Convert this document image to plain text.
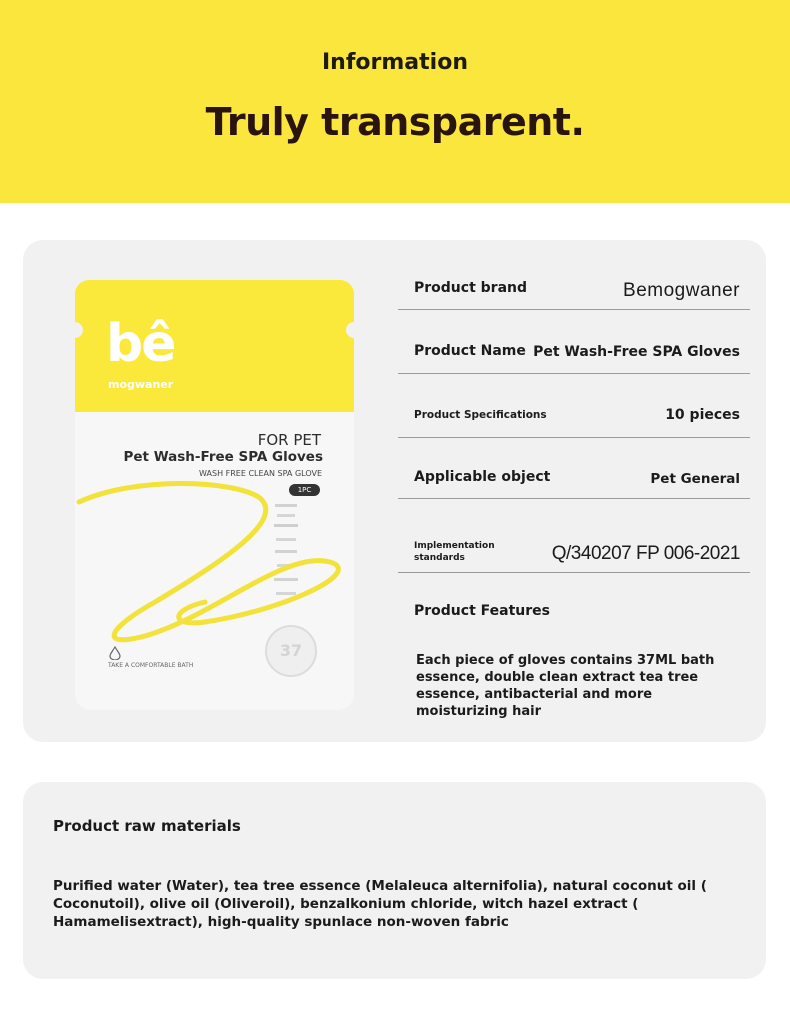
Information
Truly transparent.
bê
mogwaner
FOR PET
Pet Wash-Free SPA Gloves
WASH FREE CLEAN SPA GLOVE
1PC
TAKE A COMFORTABLE BATH
37
Product brand	Bemogwaner
Product Name Pet Wash-Free SPA Gloves
Product Specifications	10 pieces
Applicable object	Pet General
Implementation standards	Q/340207 FP 006-2021
Product Features
Each piece of gloves contains 37ML bath essence, double clean extract tea tree essence, antibacterial and more moisturizing hair
Product raw materials
Purified water (Water), tea tree essence (Melaleuca alternifolia), natural coconut oil ( Coconutoil), olive oil (Oliveroil), benzalkonium chloride, witch hazel extract ( Hamamelisextract), high-quality spunlace non-woven fabric
